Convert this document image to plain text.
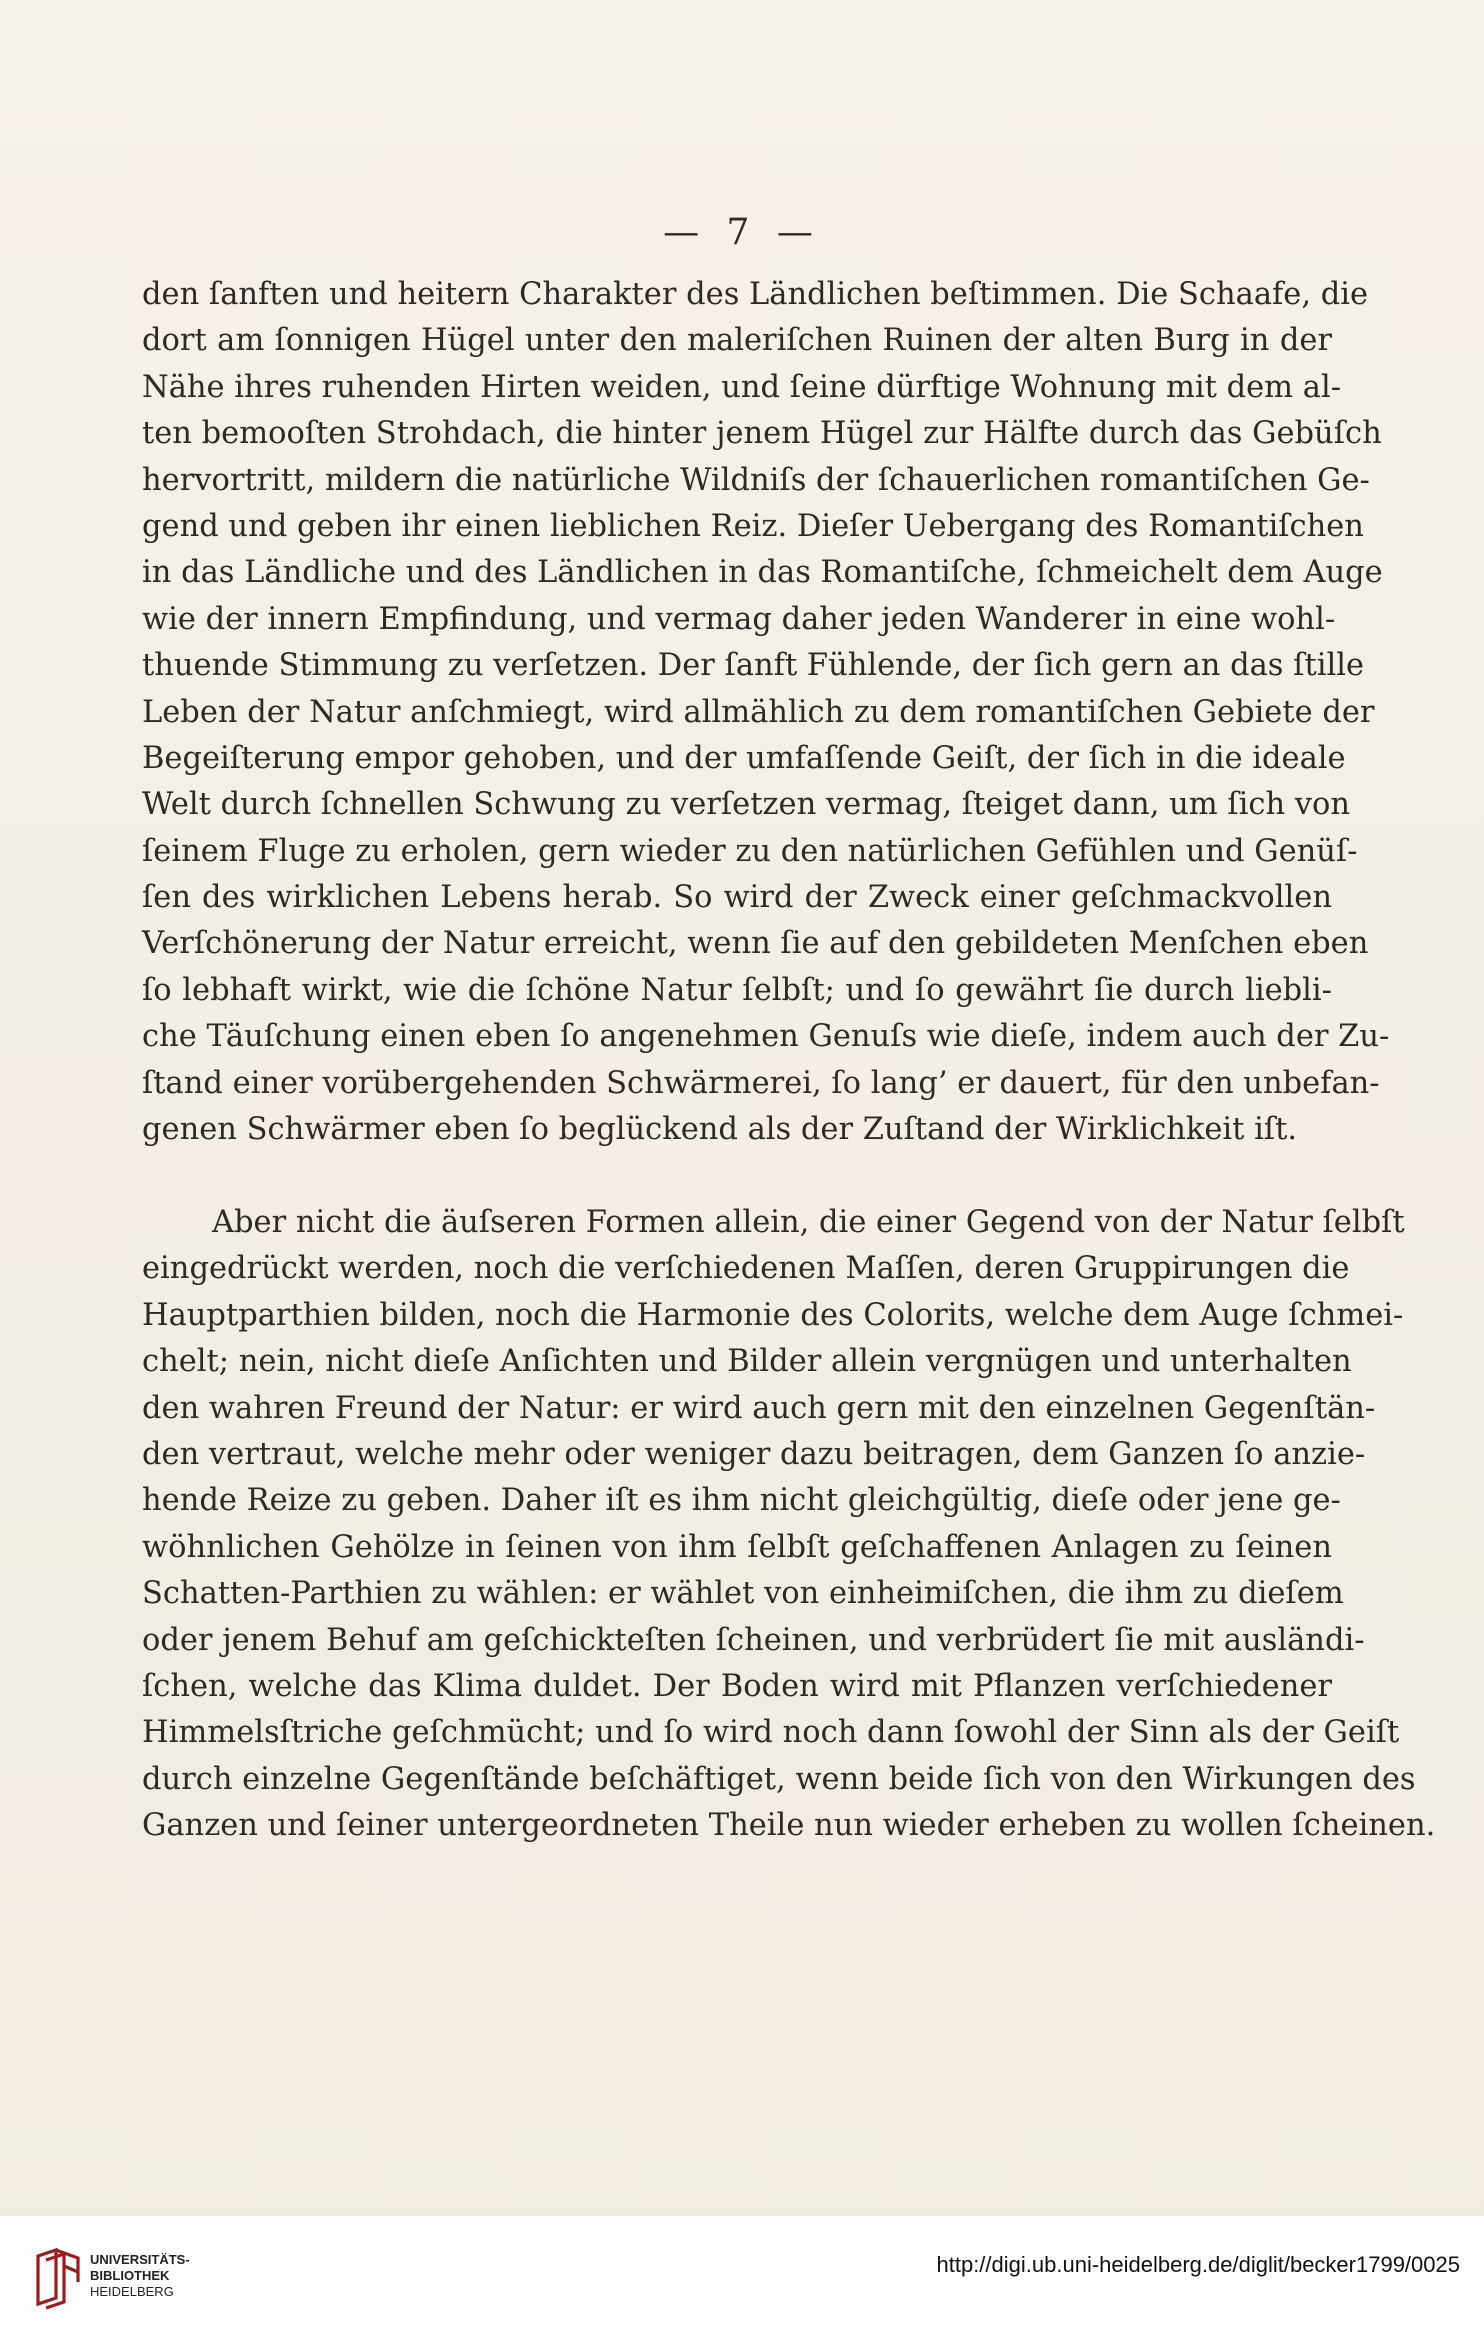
— 7 —
den ſanften und heitern Charakter des Ländlichen beſtimmen. Die Schaafe, die
dort am ſonnigen Hügel unter den maleriſchen Ruinen der alten Burg in der
Nähe ihres ruhenden Hirten weiden, und ſeine dürftige Wohnung mit dem al-
ten bemooſten Strohdach, die hinter jenem Hügel zur Hälfte durch das Gebüſch
hervortritt, mildern die natürliche Wildniſs der ſchauerlichen romantiſchen Ge-
gend und geben ihr einen lieblichen Reiz. Dieſer Uebergang des Romantiſchen
in das Ländliche und des Ländlichen in das Romantiſche, ſchmeichelt dem Auge
wie der innern Empfindung, und vermag daher jeden Wanderer in eine wohl-
thuende Stimmung zu verſetzen. Der ſanft Fühlende, der ſich gern an das ſtille
Leben der Natur anſchmiegt, wird allmählich zu dem romantiſchen Gebiete der
Begeiſterung empor gehoben, und der umfaſſende Geiſt, der ſich in die ideale
Welt durch ſchnellen Schwung zu verſetzen vermag, ſteiget dann, um ſich von
ſeinem Fluge zu erholen, gern wieder zu den natürlichen Gefühlen und Genüſ-
ſen des wirklichen Lebens herab. So wird der Zweck einer geſchmackvollen
Verſchönerung der Natur erreicht, wenn ſie auf den gebildeten Menſchen eben
ſo lebhaft wirkt, wie die ſchöne Natur ſelbſt; und ſo gewährt ſie durch liebli-
che Täuſchung einen eben ſo angenehmen Genuſs wie dieſe, indem auch der Zu-
ſtand einer vorübergehenden Schwärmerei, ſo lang’ er dauert, für den unbefan-
genen Schwärmer eben ſo beglückend als der Zuſtand der Wirklichkeit iſt.
Aber nicht die äuſseren Formen allein, die einer Gegend von der Natur ſelbſt
eingedrückt werden, noch die verſchiedenen Maſſen, deren Gruppirungen die
Hauptparthien bilden, noch die Harmonie des Colorits, welche dem Auge ſchmei-
chelt; nein, nicht dieſe Anſichten und Bilder allein vergnügen und unterhalten
den wahren Freund der Natur: er wird auch gern mit den einzelnen Gegenſtän-
den vertraut, welche mehr oder weniger dazu beitragen, dem Ganzen ſo anzie-
hende Reize zu geben. Daher iſt es ihm nicht gleichgültig, dieſe oder jene ge-
wöhnlichen Gehölze in ſeinen von ihm ſelbſt geſchaffenen Anlagen zu ſeinen
Schatten-Parthien zu wählen: er wählet von einheimiſchen, die ihm zu dieſem
oder jenem Behuf am geſchickteſten ſcheinen, und verbrüdert ſie mit ausländi-
ſchen, welche das Klima duldet. Der Boden wird mit Pflanzen verſchiedener
Himmelsſtriche geſchmücht; und ſo wird noch dann ſowohl der Sinn als der Geiſt
durch einzelne Gegenſtände beſchäftiget, wenn beide ſich von den Wirkungen des
Ganzen und ſeiner untergeordneten Theile nun wieder erheben zu wollen ſcheinen.
UNIVERSITÄTS-
BIBLIOTHEK
HEIDELBERG
http://digi.ub.uni-heidelberg.de/diglit/becker1799/0025
